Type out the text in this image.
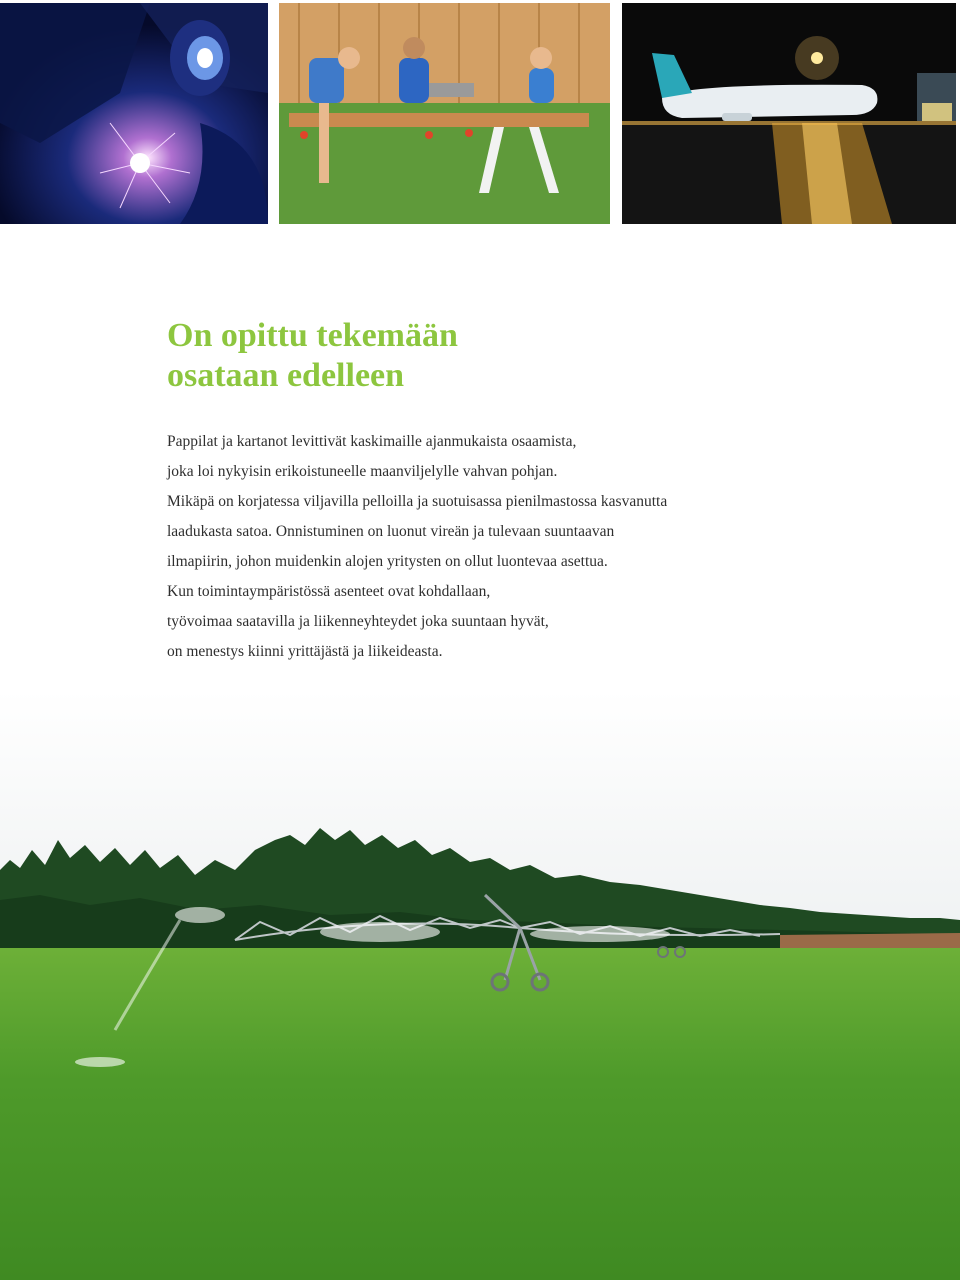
On opittu tekemään
osataan edelleen

Pappilat ja kartanot levittivät kaskimaille ajanmukaista osaamista,
joka loi nykyisin erikoistuneelle maanviljelylle vahvan pohjan.
Mikäpä on korjatessa viljavilla pelloilla ja suotuisassa pienilmastossa kasvanutta
laadukasta satoa. Onnistuminen on luonut vireän ja tulevaan suuntaavan
ilmapiirin, johon muidenkin alojen yritysten on ollut luontevaa asettua.
Kun toimintaympäristössä asenteet ovat kohdallaan,
työvoimaa saatavilla ja liikenneyhteydet joka suuntaan hyvät,
on menestys kiinni yrittäjästä ja liikeideasta.
